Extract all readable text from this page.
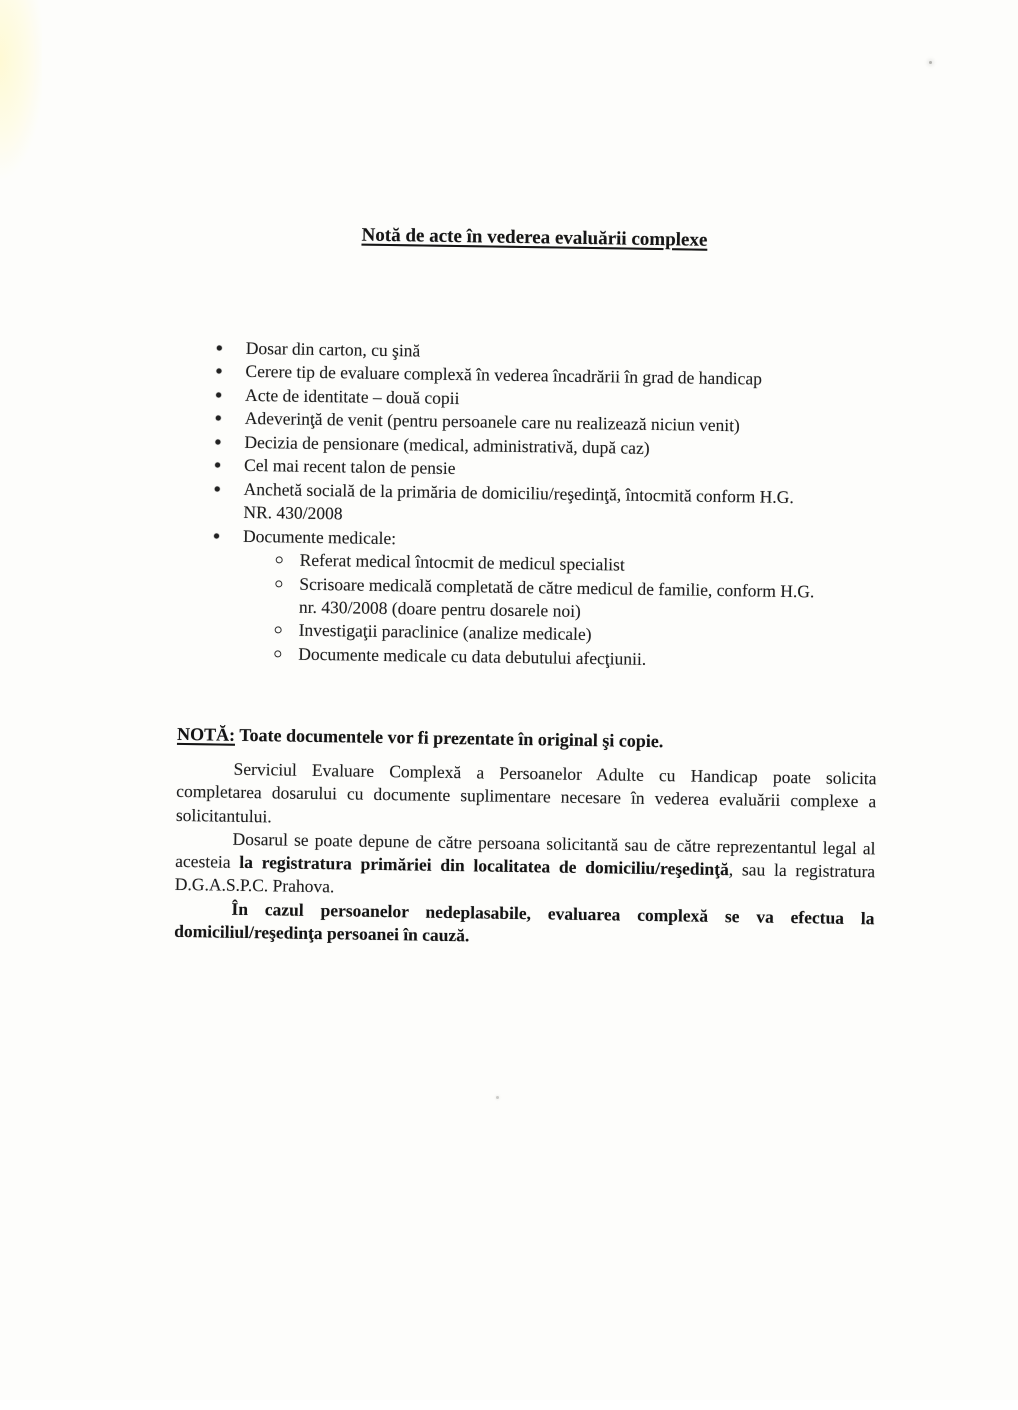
Notă de acte în vederea evaluării complexe
Dosar din carton, cu şină
Cerere tip de evaluare complexă în vederea încadrării în grad de handicap
Acte de identitate – două copii
Adeverinţă de venit (pentru persoanele care nu realizează niciun venit)
Decizia de pensionare (medical, administrativă, după caz)
Cel mai recent talon de pensie
Anchetă socială de la primăria de domiciliu/reşedinţă, întocmită conform H.G.
NR. 430/2008
Documente medicale:
Referat medical întocmit de medicul specialist
Scrisoare medicală completată de către medicul de familie, conform H.G.
nr. 430/2008 (doare pentru dosarele noi)
Investigaţii paraclinice (analize medicale)
Documente medicale cu data debutului afecţiunii.

NOTĂ: Toate documentele vor fi prezentate în original şi copie.

Serviciul Evaluare Complexă a Persoanelor Adulte cu Handicap poate solicita completarea dosarului cu documente suplimentare necesare în vederea evaluării complexe a solicitantului.

Dosarul se poate depune de către persoana solicitantă sau de către reprezentantul legal al acesteia la registratura primăriei din localitatea de domiciliu/reşedinţă, sau la registratura D.G.A.S.P.C. Prahova.

În cazul persoanelor nedeplasabile, evaluarea complexă se va efectua la domiciliul/reşedinţa persoanei în cauză.
